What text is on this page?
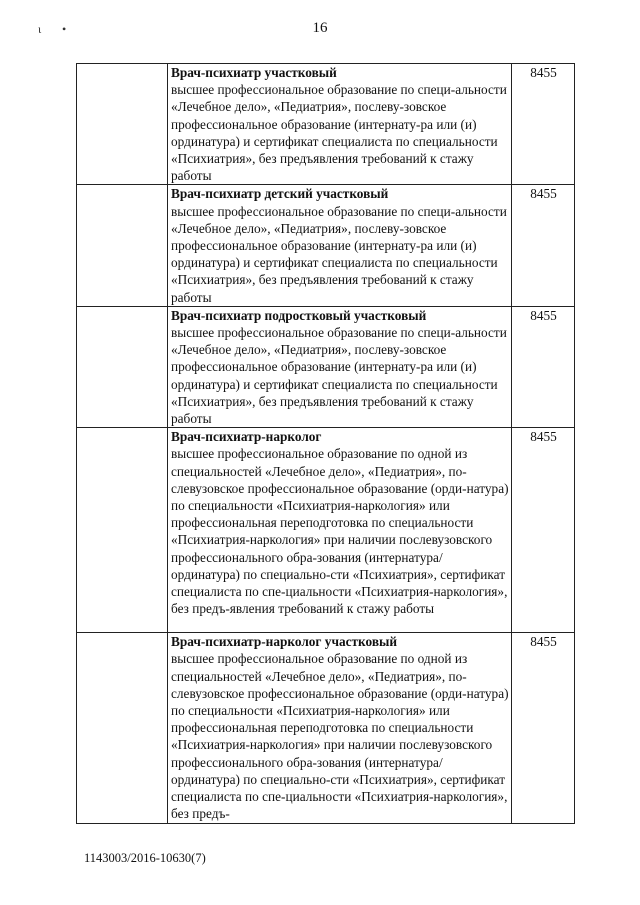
16
ι •

	Врач-психиатр участковый
высшее профессиональное образование по специ-альности «Лечебное дело», «Педиатрия», послеву-зовское профессиональное образование (интернату-ра или (и) ординатура) и сертификат специалиста по специальности «Психиатрия», без предъявления требований к стажу работы	8455

	Врач-психиатр детский участковый
высшее профессиональное образование по специ-альности «Лечебное дело», «Педиатрия», послеву-зовское профессиональное образование (интернату-ра или (и) ординатура) и сертификат специалиста по специальности «Психиатрия», без предъявления требований к стажу работы	8455

	Врач-психиатр подростковый участковый
высшее профессиональное образование по специ-альности «Лечебное дело», «Педиатрия», послеву-зовское профессиональное образование (интернату-ра или (и) ординатура) и сертификат специалиста по специальности «Психиатрия», без предъявления требований к стажу работы	8455

	Врач-психиатр-нарколог
высшее профессиональное образование по одной из специальностей «Лечебное дело», «Педиатрия», по-слевузовское профессиональное образование (орди-натура) по специальности «Психиатрия-наркология» или профессиональная переподготовка по специальности «Психиатрия-наркология» при наличии послевузовского профессионального обра-зования (интернатура/ординатура) по специально-сти «Психиатрия», сертификат специалиста по спе-циальности «Психиатрия-наркология», без предъ-явления требований к стажу работы	8455

	Врач-психиатр-нарколог участковый
высшее профессиональное образование по одной из специальностей «Лечебное дело», «Педиатрия», по-слевузовское профессиональное образование (орди-натура) по специальности «Психиатрия-наркология» или профессиональная переподготовка по специальности «Психиатрия-наркология» при наличии послевузовского профессионального обра-зования (интернатура/ординатура) по специально-сти «Психиатрия», сертификат специалиста по спе-циальности «Психиатрия-наркология», без предъ-	8455
1143003/2016-10630(7)
